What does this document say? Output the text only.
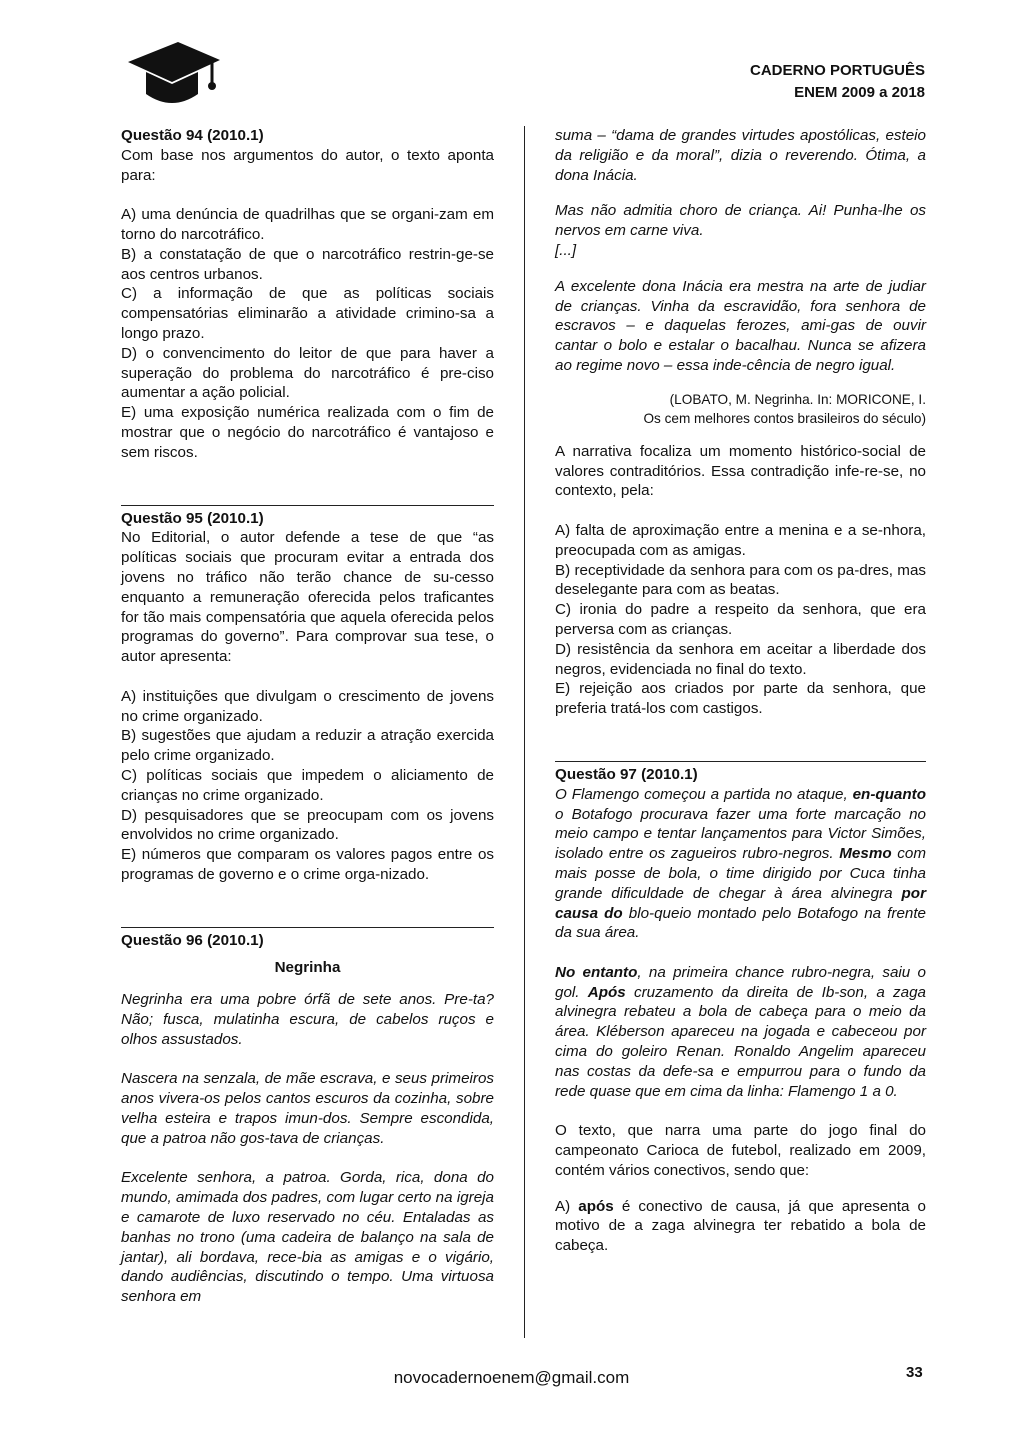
CADERNO PORTUGUÊS
ENEM 2009 a 2018

Questão 94 (2010.1)

Com base nos argumentos do autor, o texto aponta para:

A) uma denúncia de quadrilhas que se organi-zam em torno do narcotráfico.

B) a constatação de que o narcotráfico restrin-ge-se aos centros urbanos.

C) a informação de que as políticas sociais compensatórias eliminarão a atividade crimino-sa a longo prazo.

D) o convencimento do leitor de que para haver a superação do problema do narcotráfico é pre-ciso aumentar a ação policial.

E) uma exposição numérica realizada com o fim de mostrar que o negócio do narcotráfico é vantajoso e sem riscos.

Questão 95 (2010.1)

No Editorial, o autor defende a tese de que “as políticas sociais que procuram evitar a entrada dos jovens no tráfico não terão chance de su-cesso enquanto a remuneração oferecida pelos traficantes for tão mais compensatória que aquela oferecida pelos programas do governo”. Para comprovar sua tese, o autor apresenta:

A) instituições que divulgam o crescimento de jovens no crime organizado.

B) sugestões que ajudam a reduzir a atração exercida pelo crime organizado.

C) políticas sociais que impedem o aliciamento de crianças no crime organizado.

D) pesquisadores que se preocupam com os jovens envolvidos no crime organizado.

E) números que comparam os valores pagos entre os programas de governo e o crime orga-nizado.

Questão 96 (2010.1)

Negrinha

Negrinha era uma pobre órfã de sete anos. Pre-ta? Não; fusca, mulatinha escura, de cabelos ruços e olhos assustados.

Nascera na senzala, de mãe escrava, e seus primeiros anos vivera-os pelos cantos escuros da cozinha, sobre velha esteira e trapos imun-dos. Sempre escondida, que a patroa não gos-tava de crianças.

Excelente senhora, a patroa. Gorda, rica, dona do mundo, amimada dos padres, com lugar certo na igreja e camarote de luxo reservado no céu. Entaladas as banhas no trono (uma cadeira de balanço na sala de jantar), ali bordava, rece-bia as amigas e o vigário, dando audiências, discutindo o tempo. Uma virtuosa senhora em

suma – “dama de grandes virtudes apostólicas, esteio da religião e da moral”, dizia o reverendo. Ótima, a dona Inácia.

Mas não admitia choro de criança. Ai! Punha-lhe os nervos em carne viva.

[...]

A excelente dona Inácia era mestra na arte de judiar de crianças. Vinha da escravidão, fora senhora de escravos – e daquelas ferozes, ami-gas de ouvir cantar o bolo e estalar o bacalhau. Nunca se afizera ao regime novo – essa inde-cência de negro igual.

(LOBATO, M. Negrinha. In: MORICONE, I.

Os cem melhores contos brasileiros do século)

A narrativa focaliza um momento histórico-social de valores contraditórios. Essa contradição infe-re-se, no contexto, pela:

A) falta de aproximação entre a menina e a se-nhora, preocupada com as amigas.

B) receptividade da senhora para com os pa-dres, mas deselegante para com as beatas.

C) ironia do padre a respeito da senhora, que era perversa com as crianças.

D) resistência da senhora em aceitar a liberdade dos negros, evidenciada no final do texto.

E) rejeição aos criados por parte da senhora, que preferia tratá-los com castigos.

Questão 97 (2010.1)

O Flamengo começou a partida no ataque, en-quanto o Botafogo procurava fazer uma forte marcação no meio campo e tentar lançamentos para Victor Simões, isolado entre os zagueiros rubro-negros. Mesmo com mais posse de bola, o time dirigido por Cuca tinha grande dificuldade de chegar à área alvinegra por causa do blo-queio montado pelo Botafogo na frente da sua área.

No entanto, na primeira chance rubro-negra, saiu o gol. Após cruzamento da direita de Ib-son, a zaga alvinegra rebateu a bola de cabeça para o meio da área. Kléberson apareceu na jogada e cabeceou por cima do goleiro Renan. Ronaldo Angelim apareceu nas costas da defe-sa e empurrou para o fundo da rede quase que em cima da linha: Flamengo 1 a 0.

O texto, que narra uma parte do jogo final do campeonato Carioca de futebol, realizado em 2009, contém vários conectivos, sendo que:

A) após é conectivo de causa, já que apresenta o motivo de a zaga alvinegra ter rebatido a bola de cabeça.

novocadernoenem@gmail.com	33
